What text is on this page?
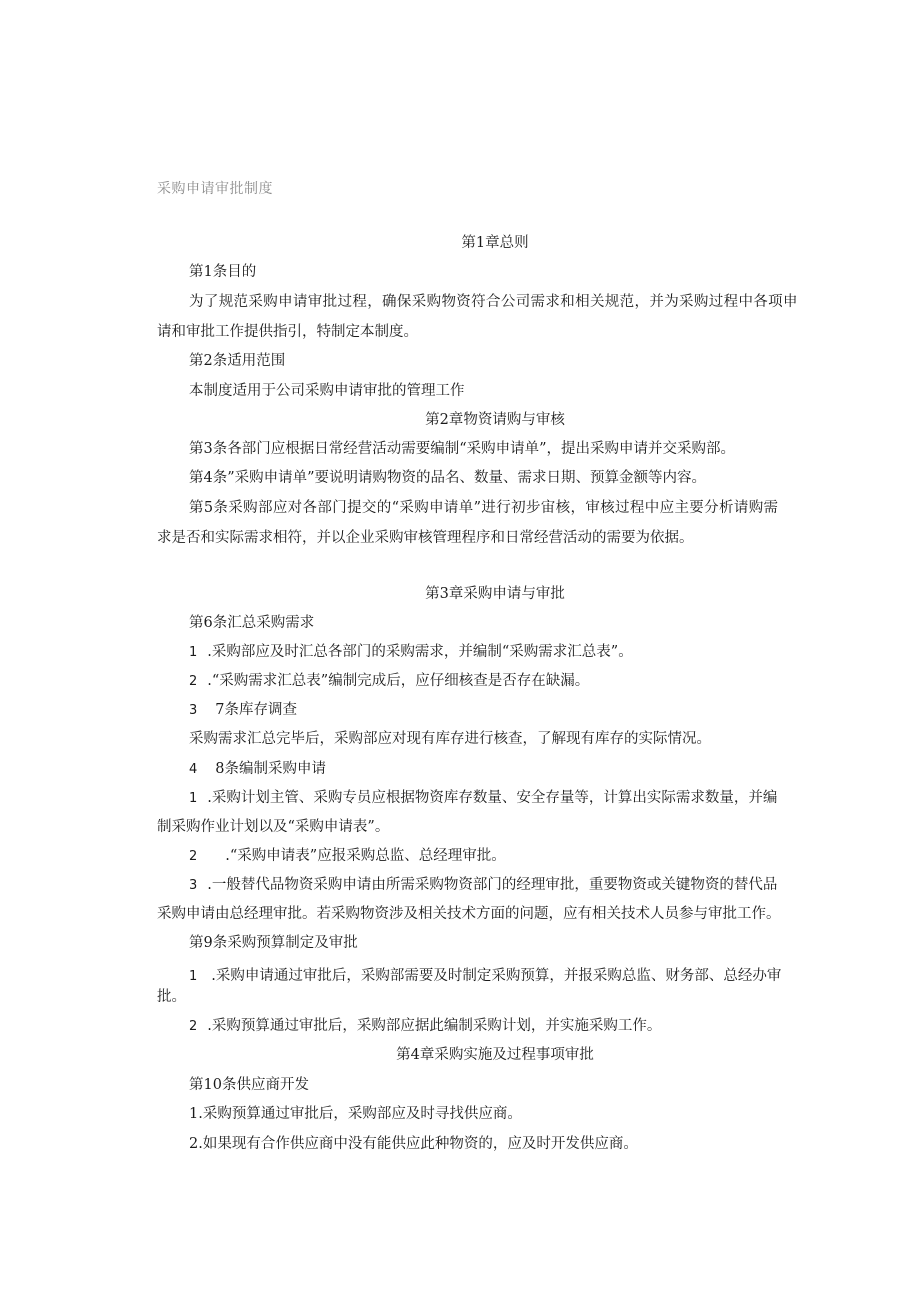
采购申请审批制度
第1章总则
第1条目的
为了规范采购申请审批过程，确保采购物资符合公司需求和相关规范，并为采购过程中各项申
请和审批工作提供指引，特制定本制度。
第2条适用范围
本制度适用于公司采购申请审批的管理工作
第2章物资请购与审核
第3条各部门应根据日常经营活动需要编制“采购申请单”，提出采购申请并交采购部。
第4条”采购申请单”要说明请购物资的品名、数量、需求日期、预算金额等内容。
第5条采购部应对各部门提交的“采购申请单”进行初步宙核，审核过程中应主要分析请购需
求是否和实际需求相符，并以企业采购审核管理程序和日常经营活动的需要为依据。
第3章采购申请与审批
第6条汇总采购需求
1 .采购部应及时汇总各部门的采购需求，并编制“采购需求汇总表”。
2 .“采购需求汇总表”编制完成后，应仔细核查是否存在缺漏。
3 7条库存调查
采购需求汇总完毕后，采购部应对现有库存进行核查，了解现有库存的实际情况。
4 8条编制采购申请
1 .采购计划主管、采购专员应根据物资库存数量、安全存量等，计算出实际需求数量，并编
制采购作业计划以及“采购申请表”。
2 .“采购申请表”应报采购总监、总经理审批。
3 .一般替代品物资采购申请由所需采购物资部门的经理审批，重要物资或关键物资的替代品
采购申请由总经理审批。若采购物资涉及相关技术方面的问题，应有相关技术人员参与审批工作。
第9条采购预算制定及审批
1 .采购申请通过审批后，采购部需要及时制定采购预算，并报采购总监、财务部、总经办审
批。
2 .采购预算通过审批后，采购部应据此编制采购计划，并实施采购工作。
第4章采购实施及过程事项审批
第10条供应商开发
1.采购预算通过审批后，采购部应及时寻找供应商。
2.如果现有合作供应商中没有能供应此种物资的，应及时开发供应商。
